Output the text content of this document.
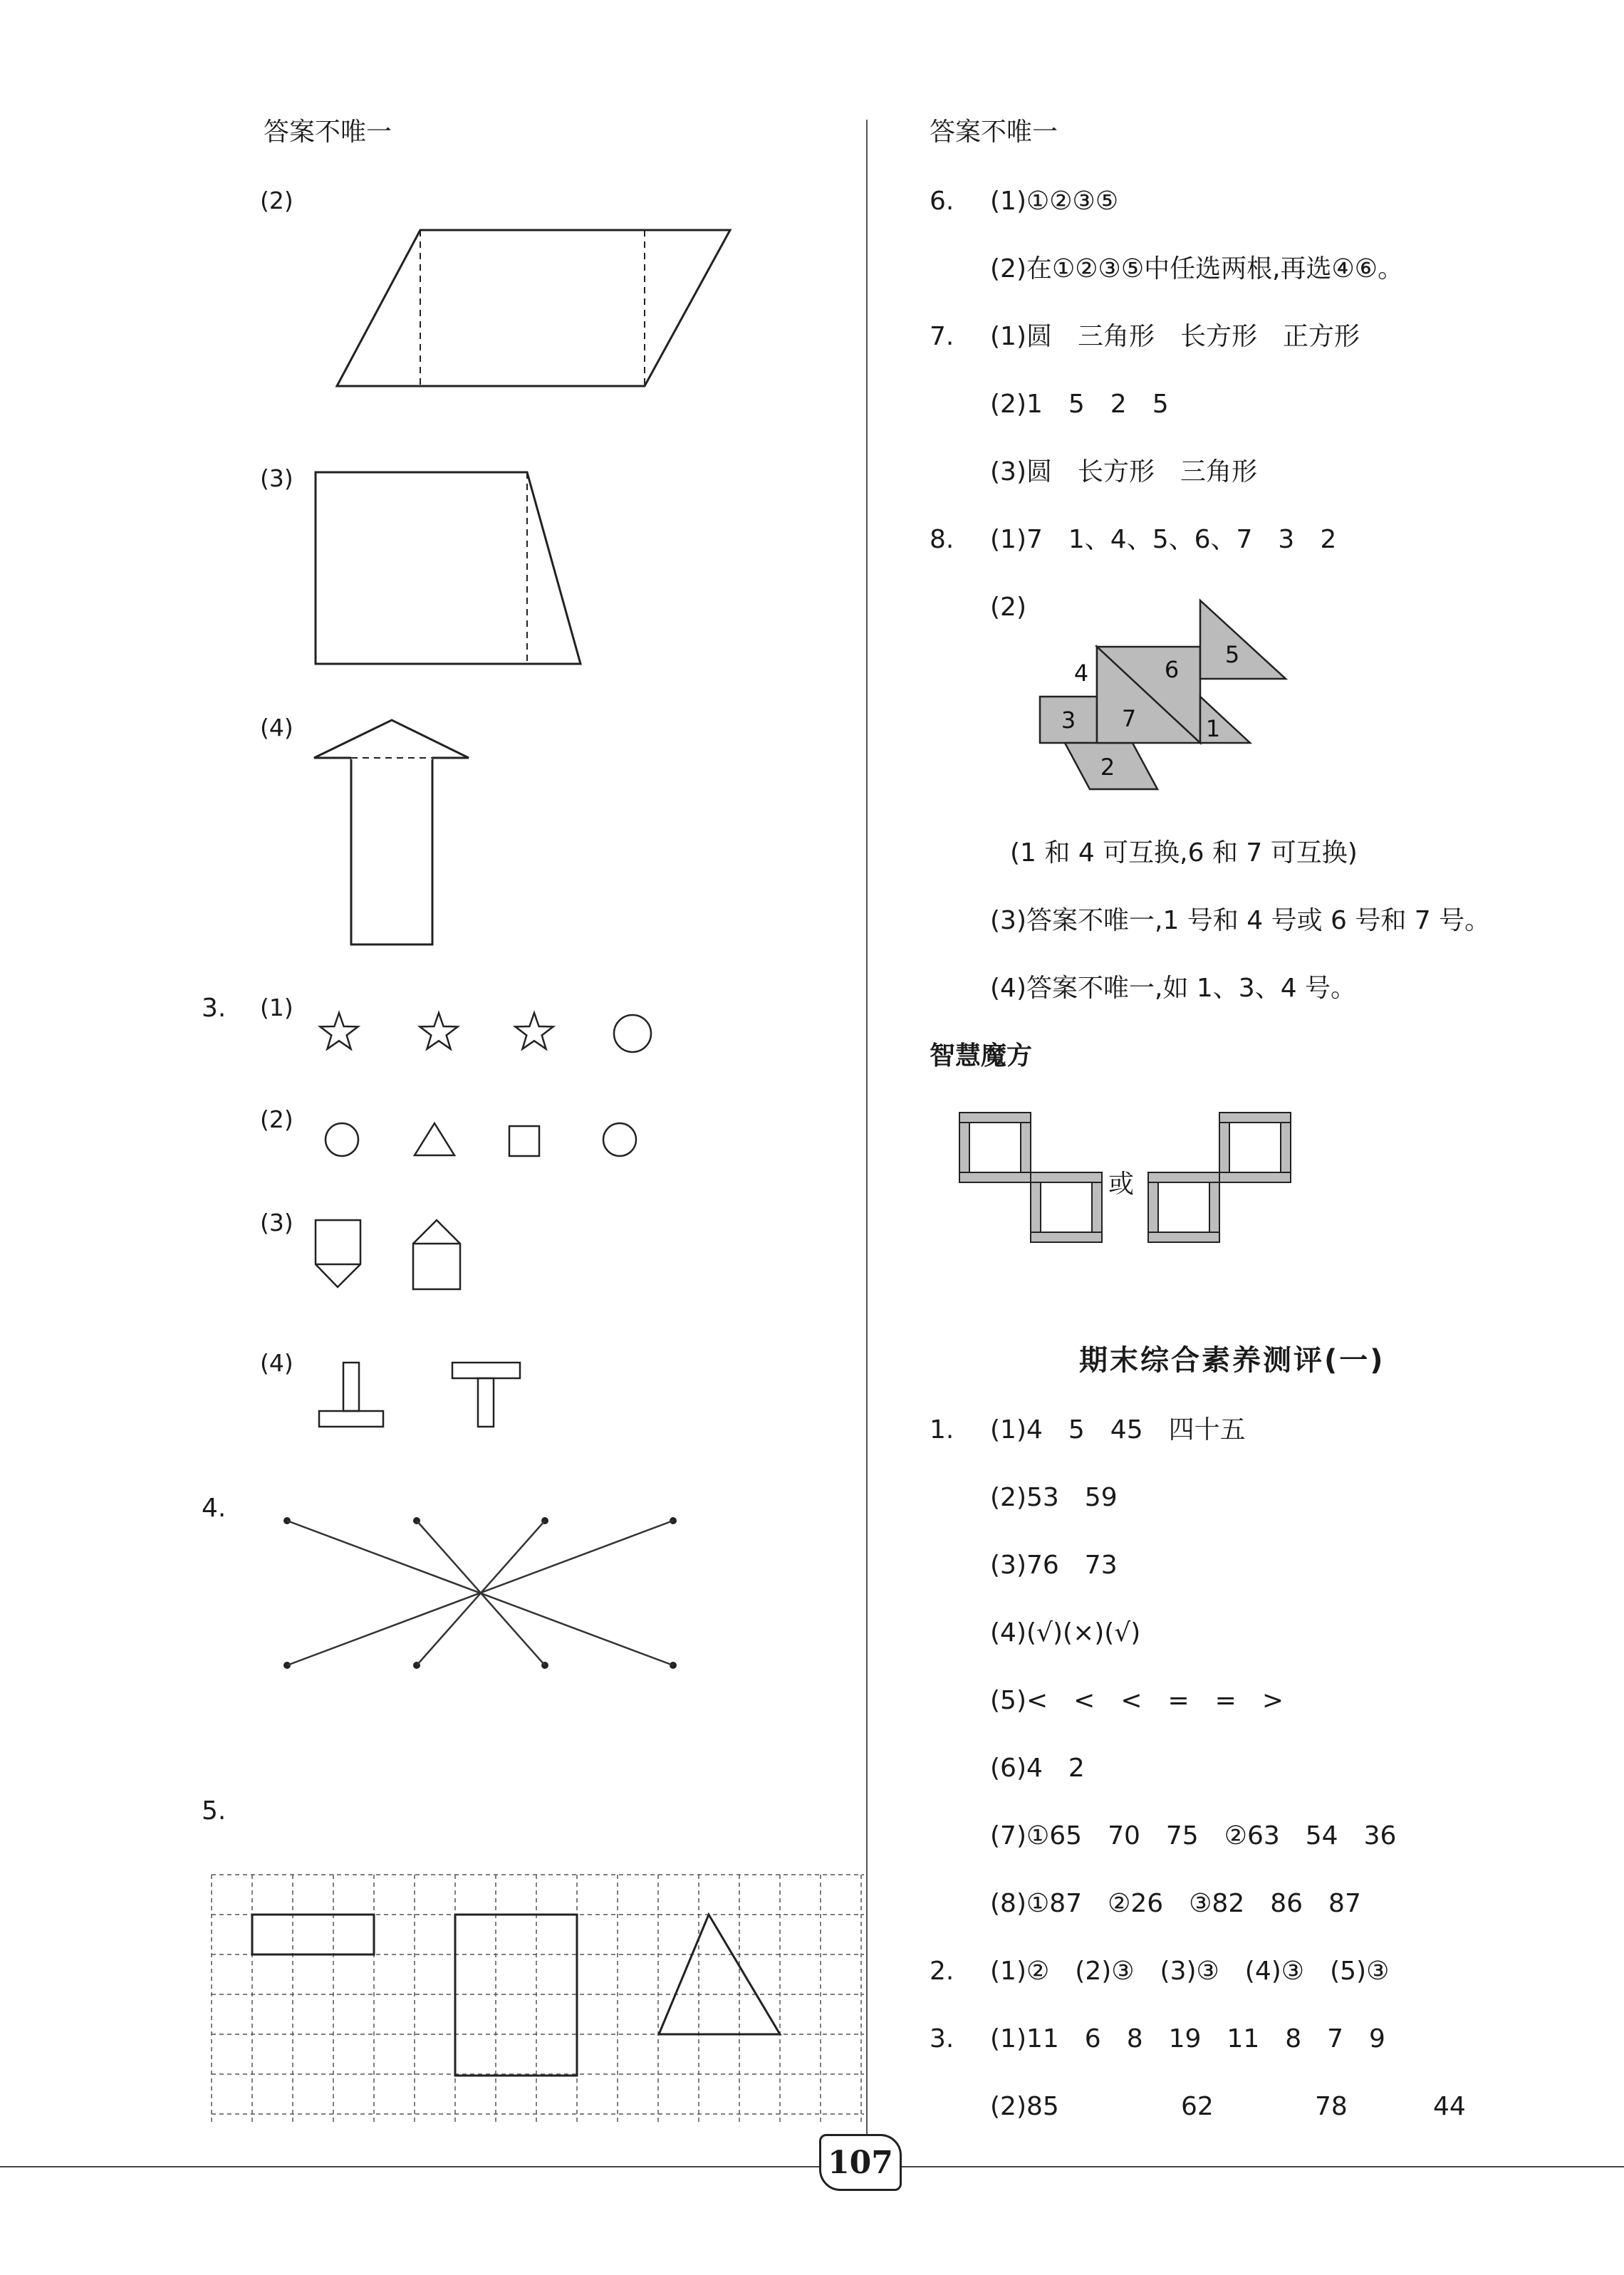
答案不唯一
(2)
(3)
(4)
3. (1)
(2)
(3)
(4)
4.
5.
答案不唯一
6. (1)①②③⑤
(2)在①②③⑤中任选两根,再选④⑥。
7. (1)圆　三角形　长方形　正方形
(2)1　5　2　5
(3)圆　长方形　三角形
8. (1)7　1、4、5、6、7　3　2
(2)
4
3
2
6
7
5
1
(1 和 4 可互换,6 和 7 可互换)
(3)答案不唯一,1 号和 4 号或 6 号和 7 号。
(4)答案不唯一,如 1、3、4 号。
智慧魔方
或
期末综合素养测评(一)
1. (1)4　5　45　四十五
(2)53　59
(3)76　73
(4)(√)(×)(√)
(5)<　<　<　=　=　>
(6)4　2
(7)①65　70　75　②63　54　36
(8)①87　②26　③82　86　87
2. (1)②　(2)③　(3)③　(4)③　(5)③
3. (1)11　6　8　19　11　8　7　9
(2)85	62	78	44
107
